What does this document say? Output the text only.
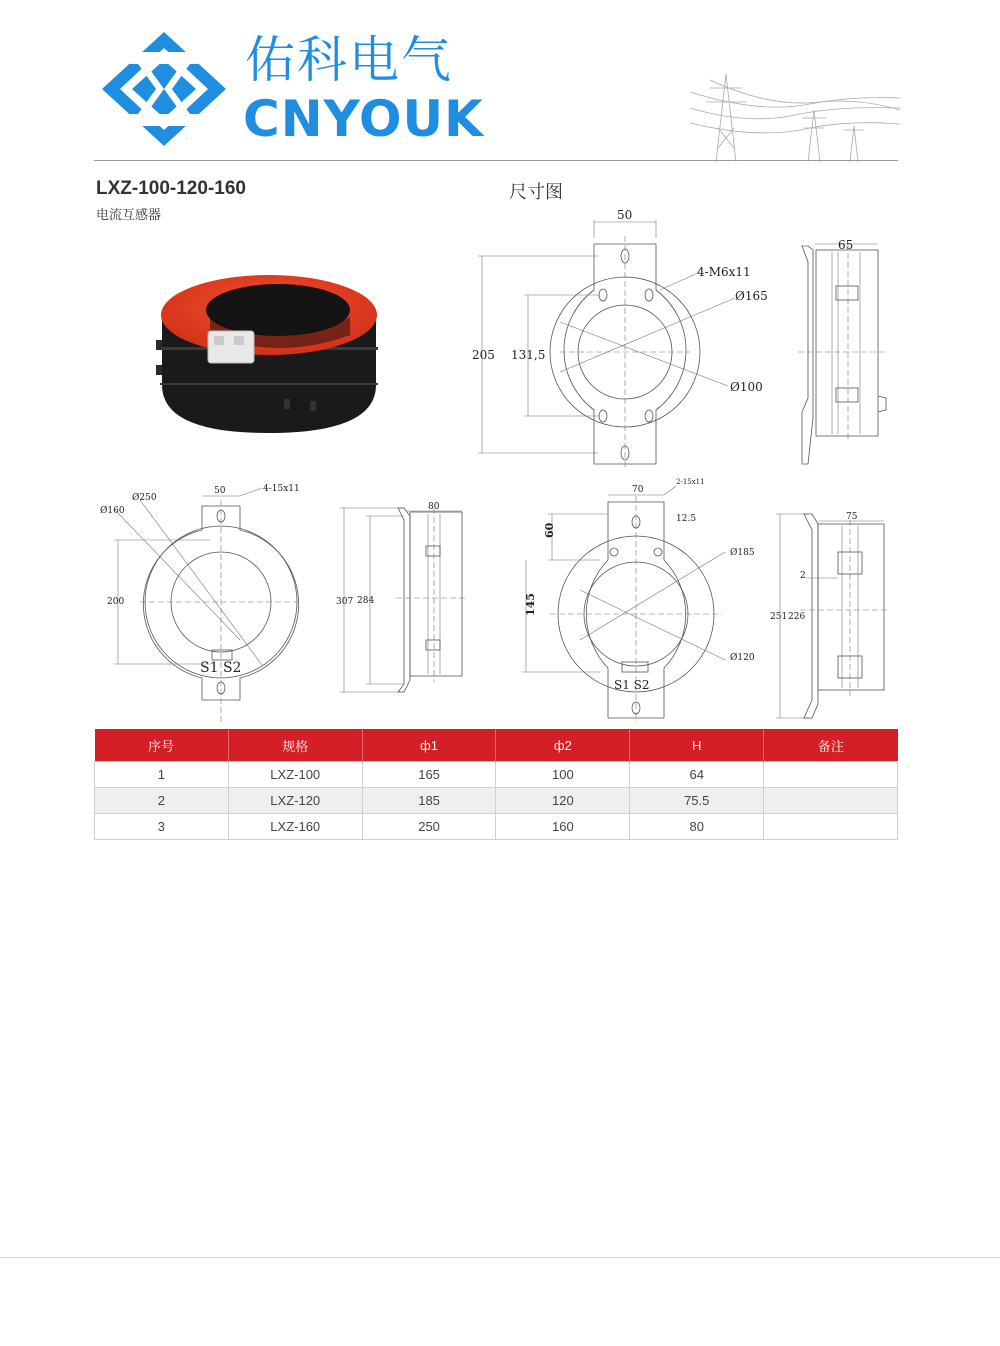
佑科电气
CNYOUK
LXZ-100-120-160
电流互感器
尺寸图
50
4-M6x11
Ø165
Ø100
205 131,5
65
Ø250
Ø160
50	4-15x11
S1 S2
200
80
307 284
70
2-15x11
12.5
S1 S2
Ø185
Ø120
60
145
75
2
251 226
序号	规格	ф1	ф2	H	备注
1	LXZ-100	165	100	64	
2	LXZ-120	185	120	75.5	
3	LXZ-160	250	160	80	
